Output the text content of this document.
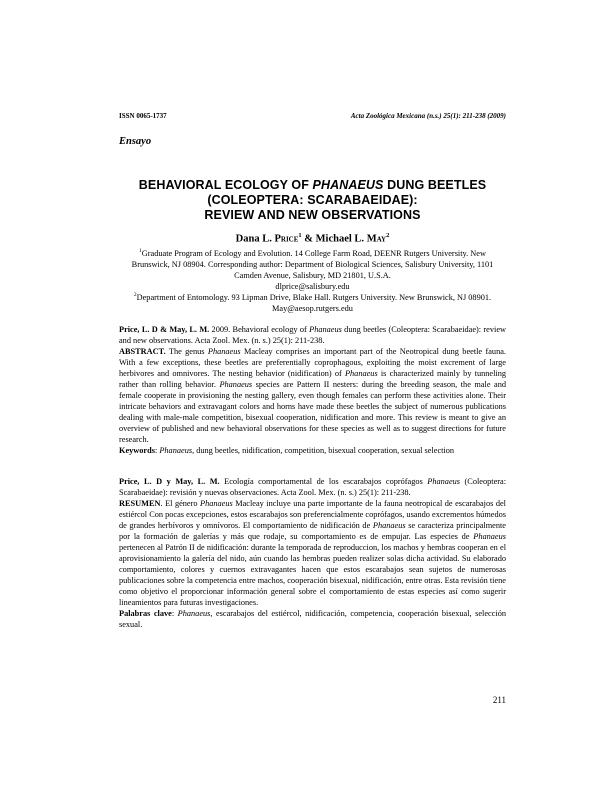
ISSN 0065-1737	Acta Zoológica Mexicana (n.s.) 25(1): 211-238 (2009)
Ensayo
BEHAVIORAL ECOLOGY OF PHANAEUS DUNG BEETLES
(COLEOPTERA: SCARABAEIDAE):
REVIEW AND NEW OBSERVATIONS
Dana L. Price$^1$ & Michael L. May$^2$
$^1$Graduate Program of Ecology and Evolution. 14 College Farm Road, DEENR Rutgers University. New Brunswick, NJ 08904. Corresponding author: Department of Biological Sciences, Salisbury University, 1101 Camden Avenue, Salisbury, MD 21801, U.S.A.
dlprice@salisbury.edu
$^2$Department of Entomology. 93 Lipman Drive, Blake Hall. Rutgers University. New Brunswick, NJ 08901. May@aesop.rutgers.edu

Price, L. D & May, L. M. 2009. Behavioral ecology of Phanaeus dung beetles (Coleoptera: Scarabaeidae): review and new observations. Acta Zool. Mex. (n. s.) 25(1): 211-238.

ABSTRACT. The genus Phanaeus Macleay comprises an important part of the Neotropical dung beetle fauna. With a few exceptions, these beetles are preferentially coprophagous, exploiting the moist excrement of large herbivores and omnivores. The nesting behavior (nidification) of Phanaeus is characterized mainly by tunneling rather than rolling behavior. Phanaeus species are Pattern II nesters: during the breeding season, the male and female cooperate in provisioning the nesting gallery, even though females can perform these activities alone. Their intricate behaviors and extravagant colors and horns have made these beetles the subject of numerous publications dealing with male-male competition, bisexual cooperation, nidification and more. This review is meant to give an overview of published and new behavioral observations for these species as well as to suggest directions for future research.

Keywords: Phanaeus, dung beetles, nidification, competition, bisexual cooperation, sexual selection

Price, L. D y May, L. M. Ecología comportamental de los escarabajos coprófagos Phanaeus (Coleoptera: Scarabaeidae): revisión y nuevas observaciones. Acta Zool. Mex. (n. s.) 25(1): 211-238.

RESUMEN. El género Phanaeus Macleay incluye una parte importante de la fauna neotropical de escarabajos del estiércol Con pocas excepciones, estos escarabajos son preferencialmente coprófagos, usando excrementos húmedos de grandes herbívoros y omnívoros. El comportamiento de nidificación de Phanaeus se caracteriza principalmente por la formación de galerías y más que rodaje, su comportamiento es de empujar. Las especies de Phanaeus pertenecen al Patrón II de nidificación: durante la temporada de reproduccion, los machos y hembras cooperan en el aprovisionamiento la galería del nido, aún cuando las hembras pueden realizer solas dicha actividad. Su elaborado comportamiento, colores y cuernos extravagantes hacen que estos escarabajos sean sujetos de numerosas publicaciones sobre la competencia entre machos, cooperación bisexual, nidificación, entre otras. Esta revisión tiene como objetivo el proporcionar información general sobre el comportamiento de estas especies así como sugerir lineamientos para futuras investigaciones.

Palabras clave: Phanaeus, escarabajos del estiércol, nidificación, competencia, cooperación bisexual, selección sexual.

211
